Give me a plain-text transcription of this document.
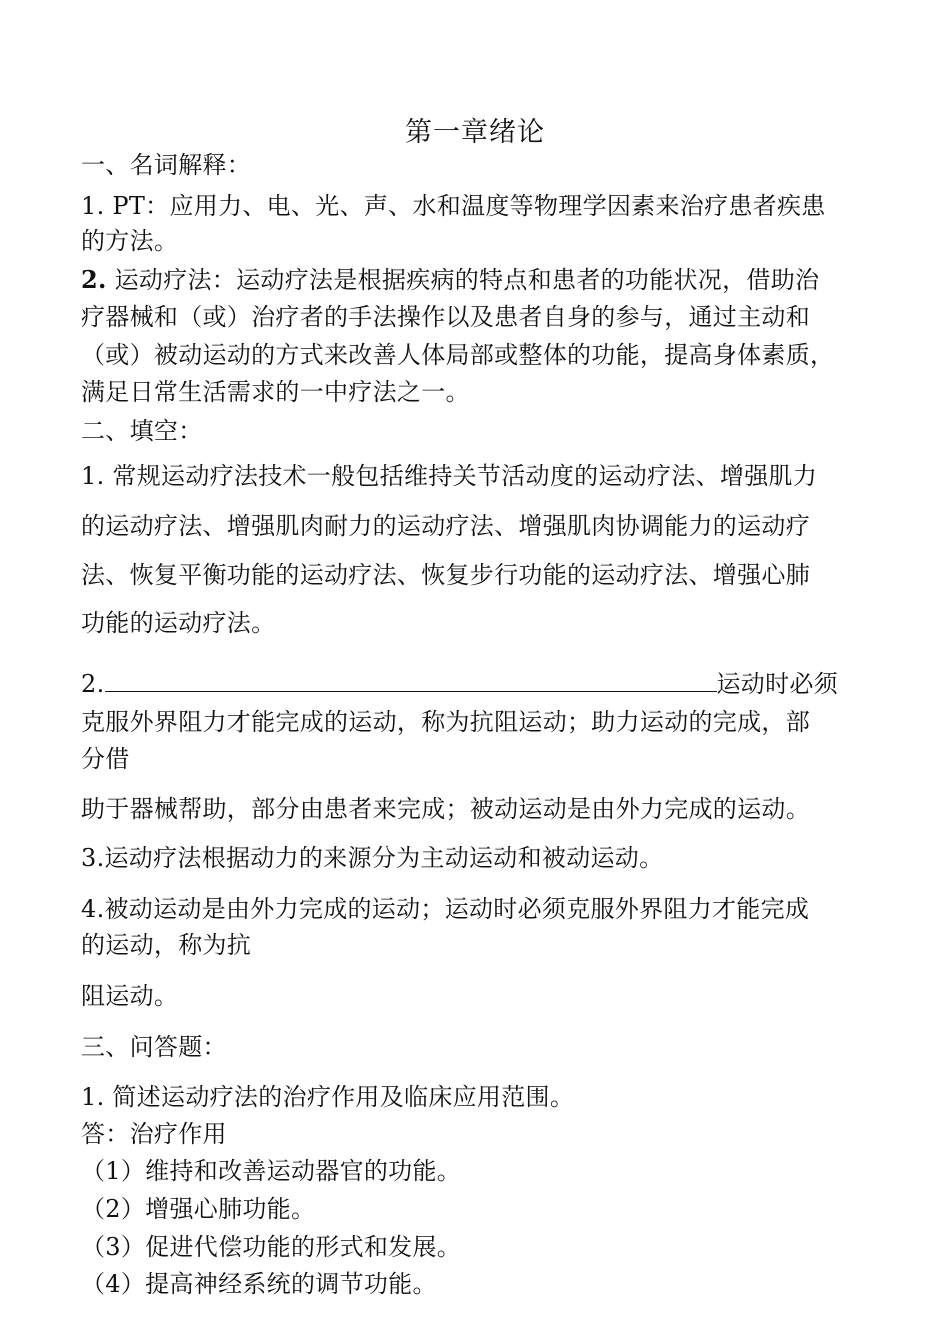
第一章绪论
一、名词解释：
1. PT：应用力、电、光、声、水和温度等物理学因素来治疗患者疾患
的方法。
2. 运动疗法：运动疗法是根据疾病的特点和患者的功能状况，借助治
疗器械和（或）治疗者的手法操作以及患者自身的参与，通过主动和
（或）被动运动的方式来改善人体局部或整体的功能，提高身体素质，
满足日常生活需求的一中疗法之一。
二、填空：
1. 常规运动疗法技术一般包括维持关节活动度的运动疗法、增强肌力
的运动疗法、增强肌肉耐力的运动疗法、增强肌肉协调能力的运动疗
法、恢复平衡功能的运动疗法、恢复步行功能的运动疗法、增强心肺
功能的运动疗法。
2.	运动时必须
克服外界阻力才能完成的运动，称为抗阻运动；助力运动的完成，部
分借
助于器械帮助，部分由患者来完成；被动运动是由外力完成的运动。
3.运动疗法根据动力的来源分为主动运动和被动运动。
4.被动运动是由外力完成的运动；运动时必须克服外界阻力才能完成
的运动，称为抗
阻运动。
三、问答题：
1. 简述运动疗法的治疗作用及临床应用范围。
答：治疗作用
（1）维持和改善运动器官的功能。
（2）增强心肺功能。
（3）促进代偿功能的形式和发展。
（4）提高神经系统的调节功能。
